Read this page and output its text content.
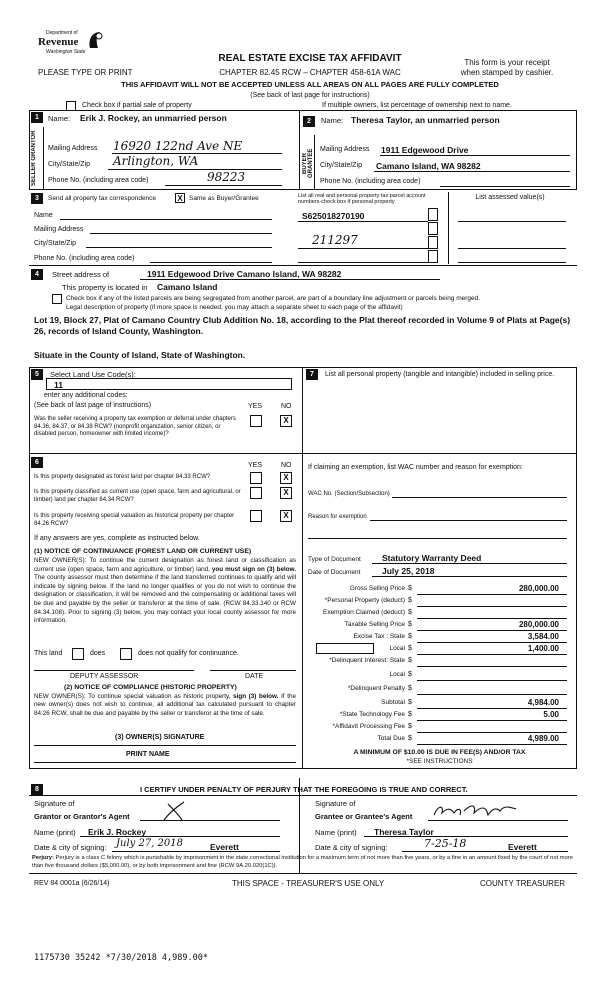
Department of
Revenue
Washington State
PLEASE TYPE OR PRINT
REAL ESTATE EXCISE TAX AFFIDAVIT
CHAPTER 82.45 RCW – CHAPTER 458-61A WAC
This form is your receipt
when stamped by cashier.
THIS AFFIDAVIT WILL NOT BE ACCEPTED UNLESS ALL AREAS ON ALL PAGES ARE FULLY COMPLETED
(See back of last page for instructions)
Check box if partial sale of property	If multiple owners, list percentage of ownership next to name.
1	Name: Erik J. Rockey, an unmarried person
SELLER GRANTOR	Mailing Address 16920 122nd Ave NE
City/State/Zip Arlington, WA
Phone No. (including area code)	98223
2	Name: Theresa Taylor, an unmarried person
BUYER GRANTEE Mailing Address 1911 Edgewood Drive
City/State/Zip Camano Island, WA 98282
Phone No. (including area code)
3	Send all property tax correspondence	X Same as Buyer/Grantee
Name
Mailing Address
City/State/Zip
Phone No. (including area code)
List all real and personal property tax parcel account numbers-check box if personal property
List assessed value(s)
S625018270190
211297
4	Street address of	1911 Edgewood Drive Camano Island, WA 98282
This property is located in Camano Island
Check box if any of the listed parcels are being segregated from another parcel, are part of a boundary line adjustment or parcels being merged.
Legal description of property (if more space is needed, you may attach a separate sheet to each page of the affidavit)
Lot 19, Block 27, Plat of Camano Country Club Addition No. 18, according to the Plat thereof recorded in Volume 9 of Plats at Page(s) 26, records of Island County, Washington.
Situate in the County of Island, State of Washington.
5	Select Land Use Code(s):
11
enter any additional codes:
(See back of last page of instructions)	YES	NO
Was the seller receiving a property tax exemption or deferral under chapters 84.36, 84.37, or 84.38 RCW? (nonprofit organization, senior citizen, or disabled person, homeowner with limited income)?
X
6	YES	NO
Is this property designated as forest land per chapter 84.33 RCW?	X
Is this property classified as current use (open space, farm and agricultural, or timber) land per chapter 84.34 RCW?
X
Is this property receiving special valuation as historical property per chapter 84.26 RCW?
X
If any answers are yes, complete as instructed below.
(1) NOTICE OF CONTINUANCE (FOREST LAND OR CURRENT USE)
NEW OWNER(S): To continue the current designation as forest land or classification as current use (open space, farm and agriculture, or timber) land, you must sign on (3) below. The county assessor must then determine if the land transferred continues to qualify and will indicate by signing below. If the land no longer qualifies or you do not wish to continue the designation or classification, it will be removed and the compensating or additional taxes will be due and payable by the seller or transferor at the time of sale. (RCW 84.33.140 or RCW 84.34.108). Prior to signing (3) below, you may contact your local county assessor for more information.
This land	does	does not qualify for continuance.
DEPUTY ASSESSOR	DATE
(2) NOTICE OF COMPLIANCE (HISTORIC PROPERTY)
NEW OWNER(S): To continue special valuation as historic property, sign (3) below. If the new owner(s) does not wish to continue, all additional tax calculated pursuant to chapter 84.26 RCW, shall be due and payable by the seller or transferor at the time of sale.
(3) OWNER(S) SIGNATURE
PRINT NAME
7	List all personal property (tangible and intangible) included in selling price.
If claiming an exemption, list WAC number and reason for exemption:
WAC No. (Section/Subsection)
Reason for exemption
Type of Document	Statutory Warranty Deed
Date of Document	July 25, 2018
Gross Selling Price $	280,000.00
*Personal Property (deduct) $
Exemption Claimed (deduct) $
Taxable Selling Price $	280,000.00
Excise Tax : State $	3,584.00
Local $	1,400.00
*Delinquent Interest: State $
Local $
*Delinquent Penalty $
Subtotal $	4,984.00
*State Technology Fee $	5.00
*Affidavit Processing Fee $
Total Due $	4,989.00
A MINIMUM OF $10.00 IS DUE IN FEE(S) AND/OR TAX
*SEE INSTRUCTIONS
8	I CERTIFY UNDER PENALTY OF PERJURY THAT THE FOREGOING IS TRUE AND CORRECT.
Signature of
Grantor or Grantor's Agent
Name (print) Erik J. Rockey
Date & city of signing: July 27, 2018	Everett
Signature of
Grantee or Grantee's Agent
Name (print) Theresa Taylor
Date & city of signing:	7-25-18	Everett
Perjury: Perjury is a class C felony which is punishable by imprisonment in the state correctional institution for a maximum term of not more than five years, or by a fine in an amount fixed by the court of not more than five thousand dollars ($5,000.00), or by both imprisonment and fine (RCW 9A.20.020(1C)).
REV 84 0001a (6/26/14)	THIS SPACE - TREASURER'S USE ONLY	COUNTY TREASURER
1175730 35242 *7/30/2018 4,989.00*
